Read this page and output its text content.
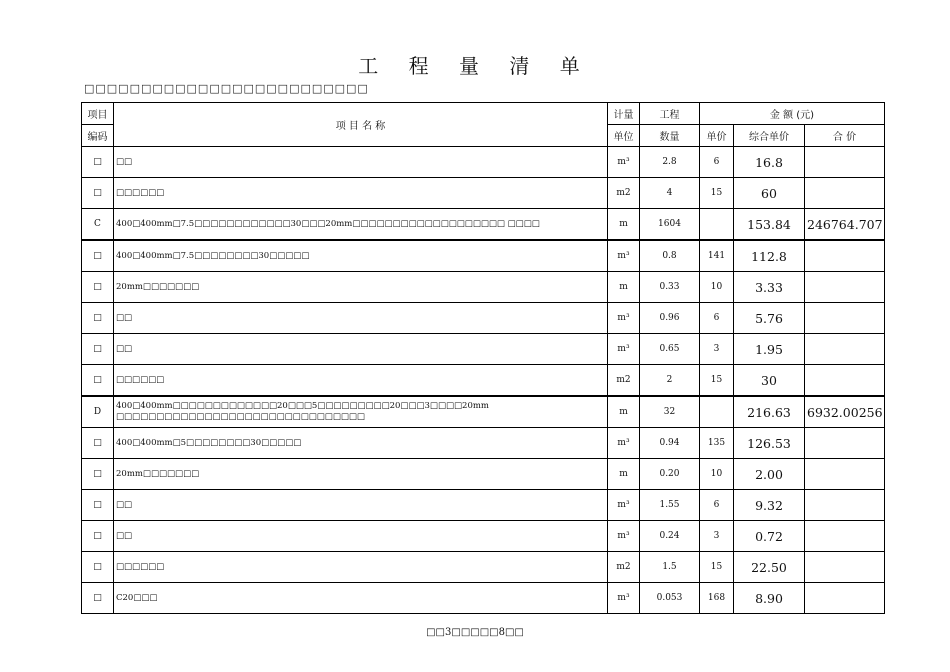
工 程 量 清 单
□□□□□□□□□□□□□□□□□□□□□□□□□
项目	项 目 名 称	计量	工程	金 额 (元)		
编码		单位	数量	单价	综合单价	合 价
□	□□	m³	2.8	6	16.8	
□	□□□□□□	m2	4	15	60	
C	400□400mm□7.5□□□□□□□□□□□□30□□□20mm□□□□□□□□□□□□□□□□□□□ □□□□	m	1604		153.84	246764.707
□	400□400mm□7.5□□□□□□□□30□□□□□	m³	0.8	141	112.8	
□	20mm□□□□□□□	m	0.33	10	3.33	
□	□□	m³	0.96	6	5.76	
□	□□	m³	0.65	3	1.95	
□	□□□□□□	m2	2	15	30	
D	400□400mm□□□□□□□□□□□□□20□□□5□□□□□□□□□20□□□3□□□□20mm □□□□□□□□□□□□□□□□□□□□□□□□□□□□□□□	m	32		216.63	6932.00256
□	400□400mm□5□□□□□□□□30□□□□□	m³	0.94	135	126.53	
□	20mm□□□□□□□	m	0.20	10	2.00	
□	□□	m³	1.55	6	9.32	
□	□□	m³	0.24	3	0.72	
□	□□□□□□	m2	1.5	15	22.50	
□	C20□□□	m³	0.053	168	8.90	
□□3□□□□□8□□
